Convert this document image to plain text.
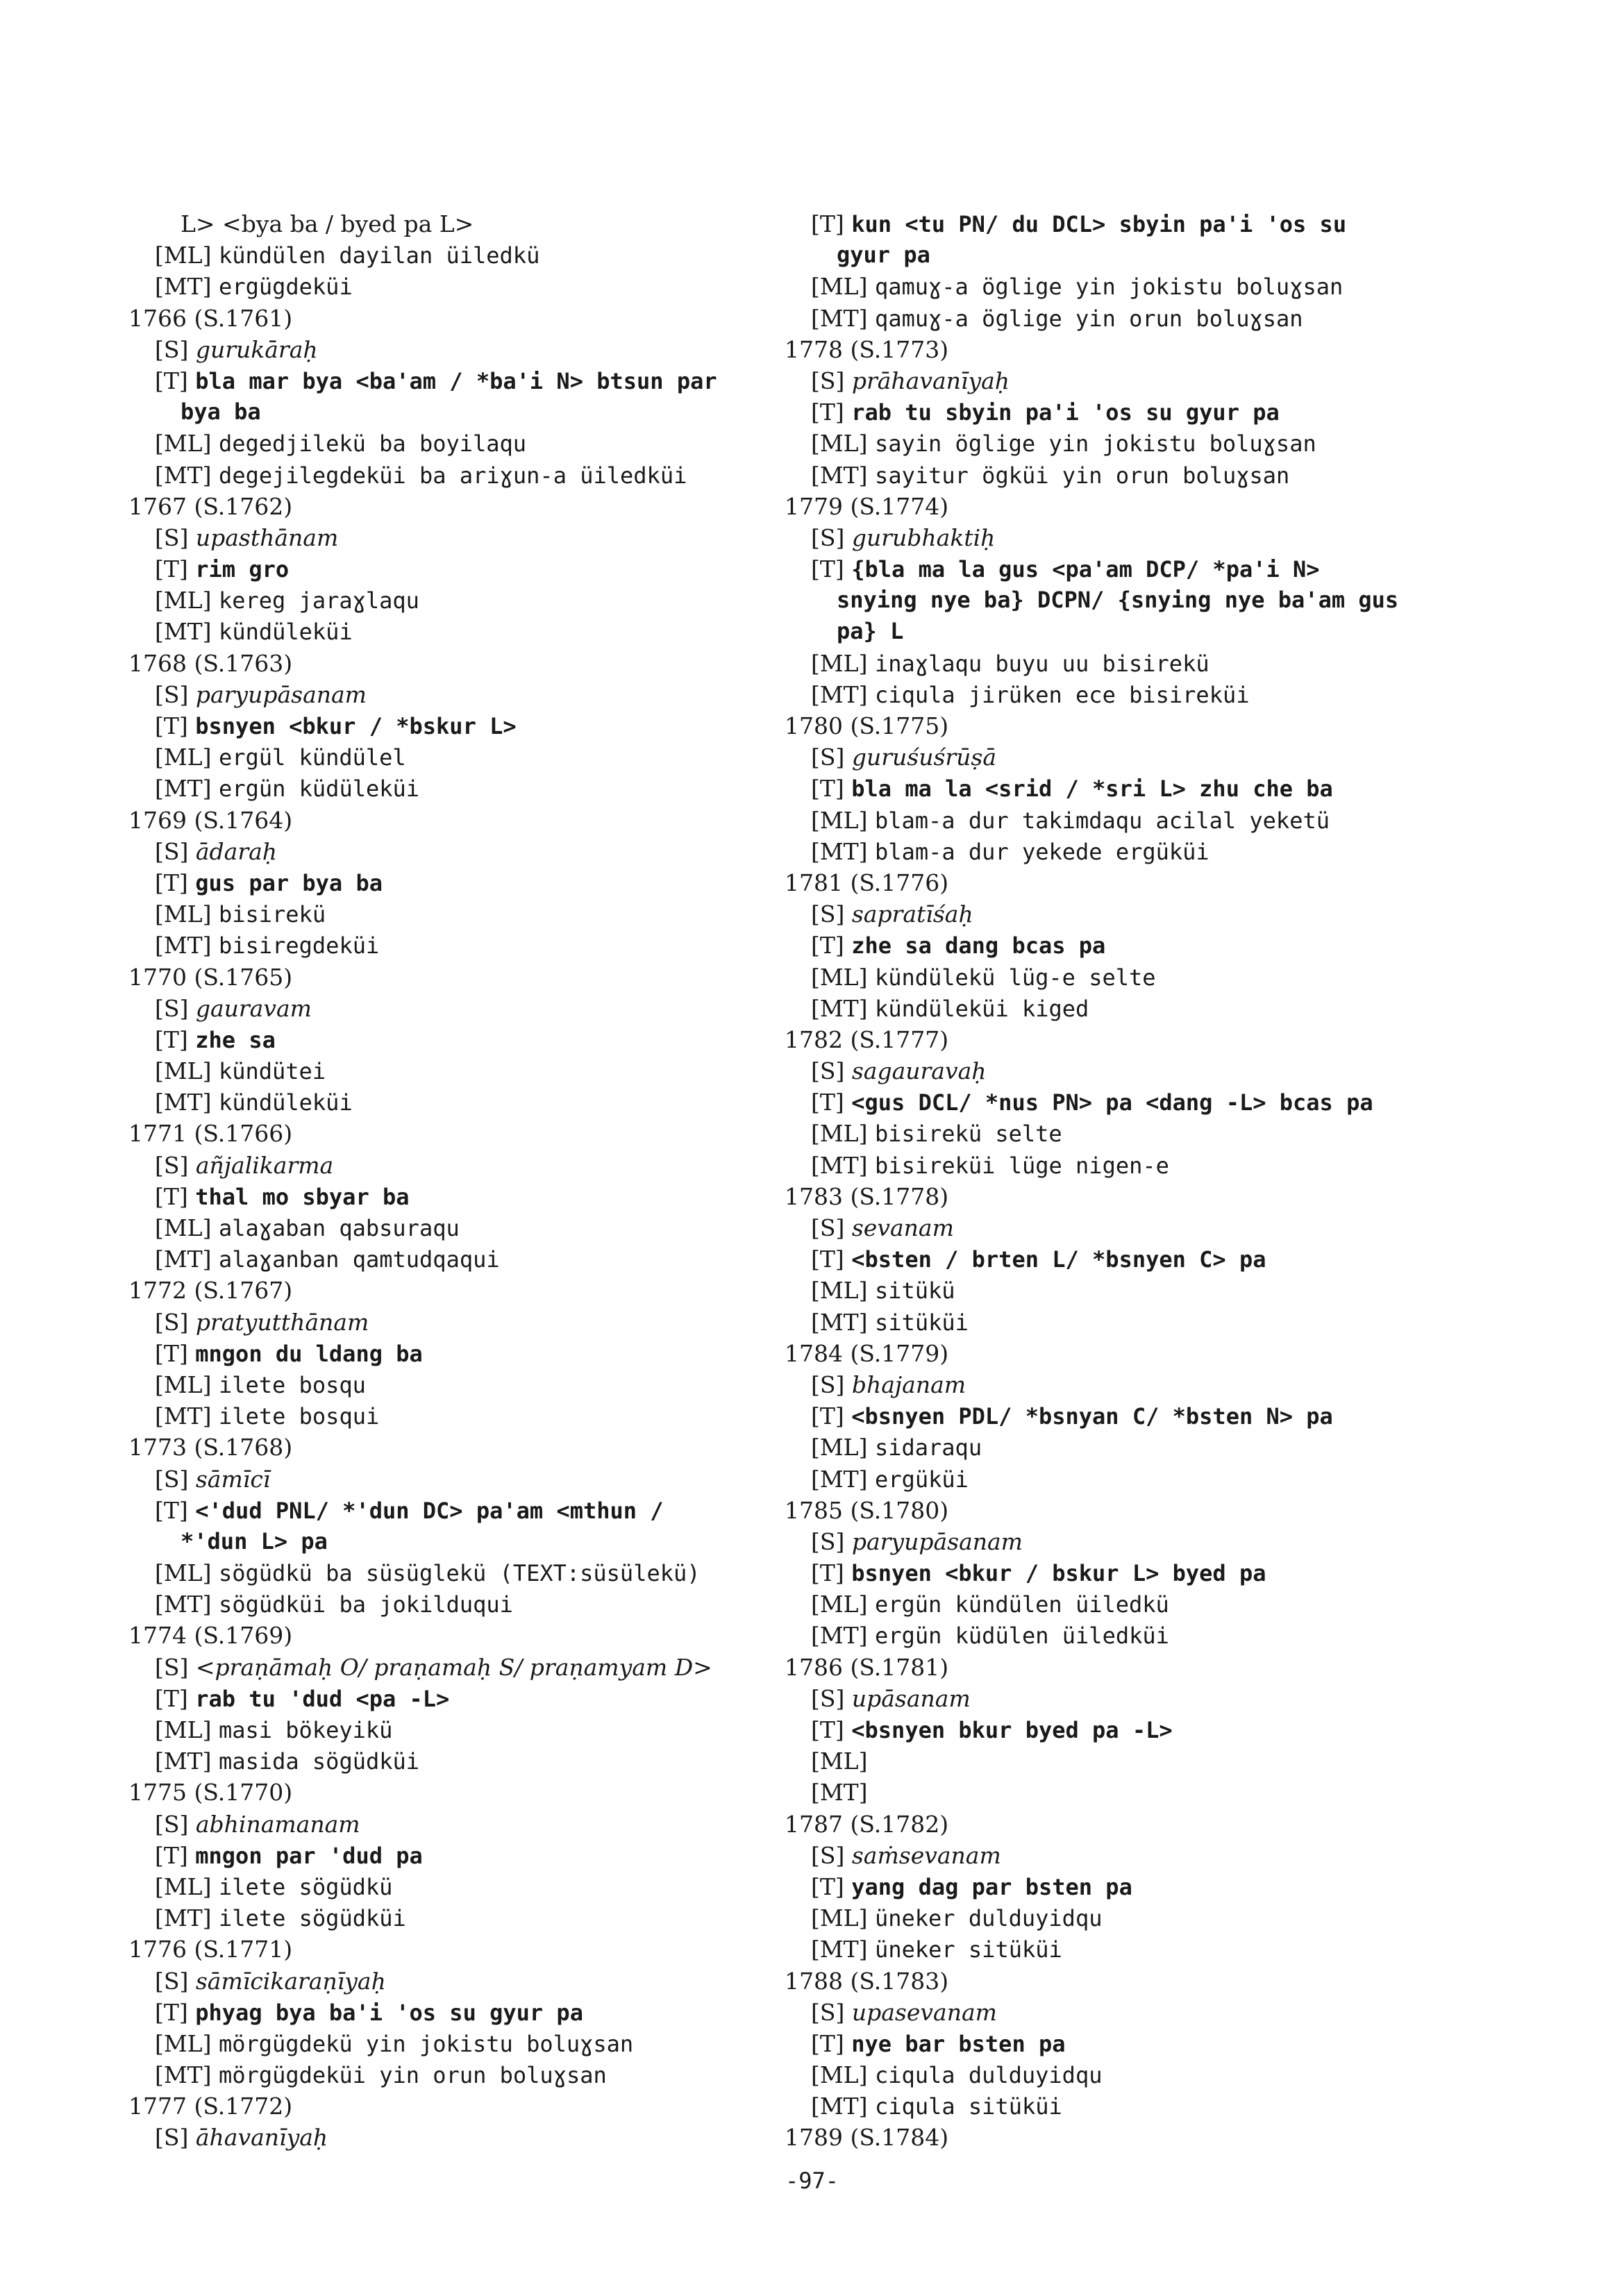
L> <bya ba / byed pa L>
[ML] kündülen dayilan üiledkü
[MT] ergügdeküi
1766 (S.1761)
[S] gurukāraḥ
[T] bla mar bya <ba'am / *ba'i N> btsun par
bya ba
[ML] degedjilekü ba boyilaqu
[MT] degejilegdeküi ba ariɣun-a üiledküi
1767 (S.1762)
[S] upasthānam
[T] rim gro
[ML] kereg jaraɣlaqu
[MT] kündüleküi
1768 (S.1763)
[S] paryupāsanam
[T] bsnyen <bkur / *bskur L>
[ML] ergül kündülel
[MT] ergün küdüleküi
1769 (S.1764)
[S] ādaraḥ
[T] gus par bya ba
[ML] bisirekü
[MT] bisiregdeküi
1770 (S.1765)
[S] gauravam
[T] zhe sa
[ML] kündütei
[MT] kündüleküi
1771 (S.1766)
[S] añjalikarma
[T] thal mo sbyar ba
[ML] alaɣaban qabsuraqu
[MT] alaɣanban qamtudqaqui
1772 (S.1767)
[S] pratyutthānam
[T] mngon du ldang ba
[ML] ilete bosqu
[MT] ilete bosqui
1773 (S.1768)
[S] sāmīcī
[T] <'dud PNL/ *'dun DC> pa'am <mthun /
*'dun L> pa
[ML] sögüdkü ba süsüglekü (TEXT:süsülekü)
[MT] sögüdküi ba jokilduqui
1774 (S.1769)
[S] <praṇāmaḥ O/ praṇamaḥ S/ praṇamyam D>
[T] rab tu 'dud <pa -L>
[ML] masi bökeyikü
[MT] masida sögüdküi
1775 (S.1770)
[S] abhinamanam
[T] mngon par 'dud pa
[ML] ilete sögüdkü
[MT] ilete sögüdküi
1776 (S.1771)
[S] sāmīcikaraṇīyaḥ
[T] phyag bya ba'i 'os su gyur pa
[ML] mörgügdekü yin jokistu boluɣsan
[MT] mörgügdeküi yin orun boluɣsan
1777 (S.1772)
[S] āhavanīyaḥ
[T] kun <tu PN/ du DCL> sbyin pa'i 'os su
gyur pa
[ML] qamuɣ-a öglige yin jokistu boluɣsan
[MT] qamuɣ-a öglige yin orun boluɣsan
1778 (S.1773)
[S] prāhavanīyaḥ
[T] rab tu sbyin pa'i 'os su gyur pa
[ML] sayin öglige yin jokistu boluɣsan
[MT] sayitur ögküi yin orun boluɣsan
1779 (S.1774)
[S] gurubhaktiḥ
[T] {bla ma la gus <pa'am DCP/ *pa'i N>
snying nye ba} DCPN/ {snying nye ba'am gus
pa} L
[ML] inaɣlaqu buyu uu bisirekü
[MT] ciqula jirüken ece bisireküi
1780 (S.1775)
[S] guruśuśrūṣā
[T] bla ma la <srid / *sri L> zhu che ba
[ML] blam-a dur takimdaqu acilal yeketü
[MT] blam-a dur yekede ergüküi
1781 (S.1776)
[S] sapratīśaḥ
[T] zhe sa dang bcas pa
[ML] kündülekü lüg-e selte
[MT] kündüleküi kiged
1782 (S.1777)
[S] sagauravaḥ
[T] <gus DCL/ *nus PN> pa <dang -L> bcas pa
[ML] bisirekü selte
[MT] bisireküi lüge nigen-e
1783 (S.1778)
[S] sevanam
[T] <bsten / brten L/ *bsnyen C> pa
[ML] sitükü
[MT] sitüküi
1784 (S.1779)
[S] bhajanam
[T] <bsnyen PDL/ *bsnyan C/ *bsten N> pa
[ML] sidaraqu
[MT] ergüküi
1785 (S.1780)
[S] paryupāsanam
[T] bsnyen <bkur / bskur L> byed pa
[ML] ergün kündülen üiledkü
[MT] ergün küdülen üiledküi
1786 (S.1781)
[S] upāsanam
[T] <bsnyen bkur byed pa -L>
[ML]
[MT]
1787 (S.1782)
[S] saṁsevanam
[T] yang dag par bsten pa
[ML] üneker dulduyidqu
[MT] üneker sitüküi
1788 (S.1783)
[S] upasevanam
[T] nye bar bsten pa
[ML] ciqula dulduyidqu
[MT] ciqula sitüküi
1789 (S.1784)
-97-
